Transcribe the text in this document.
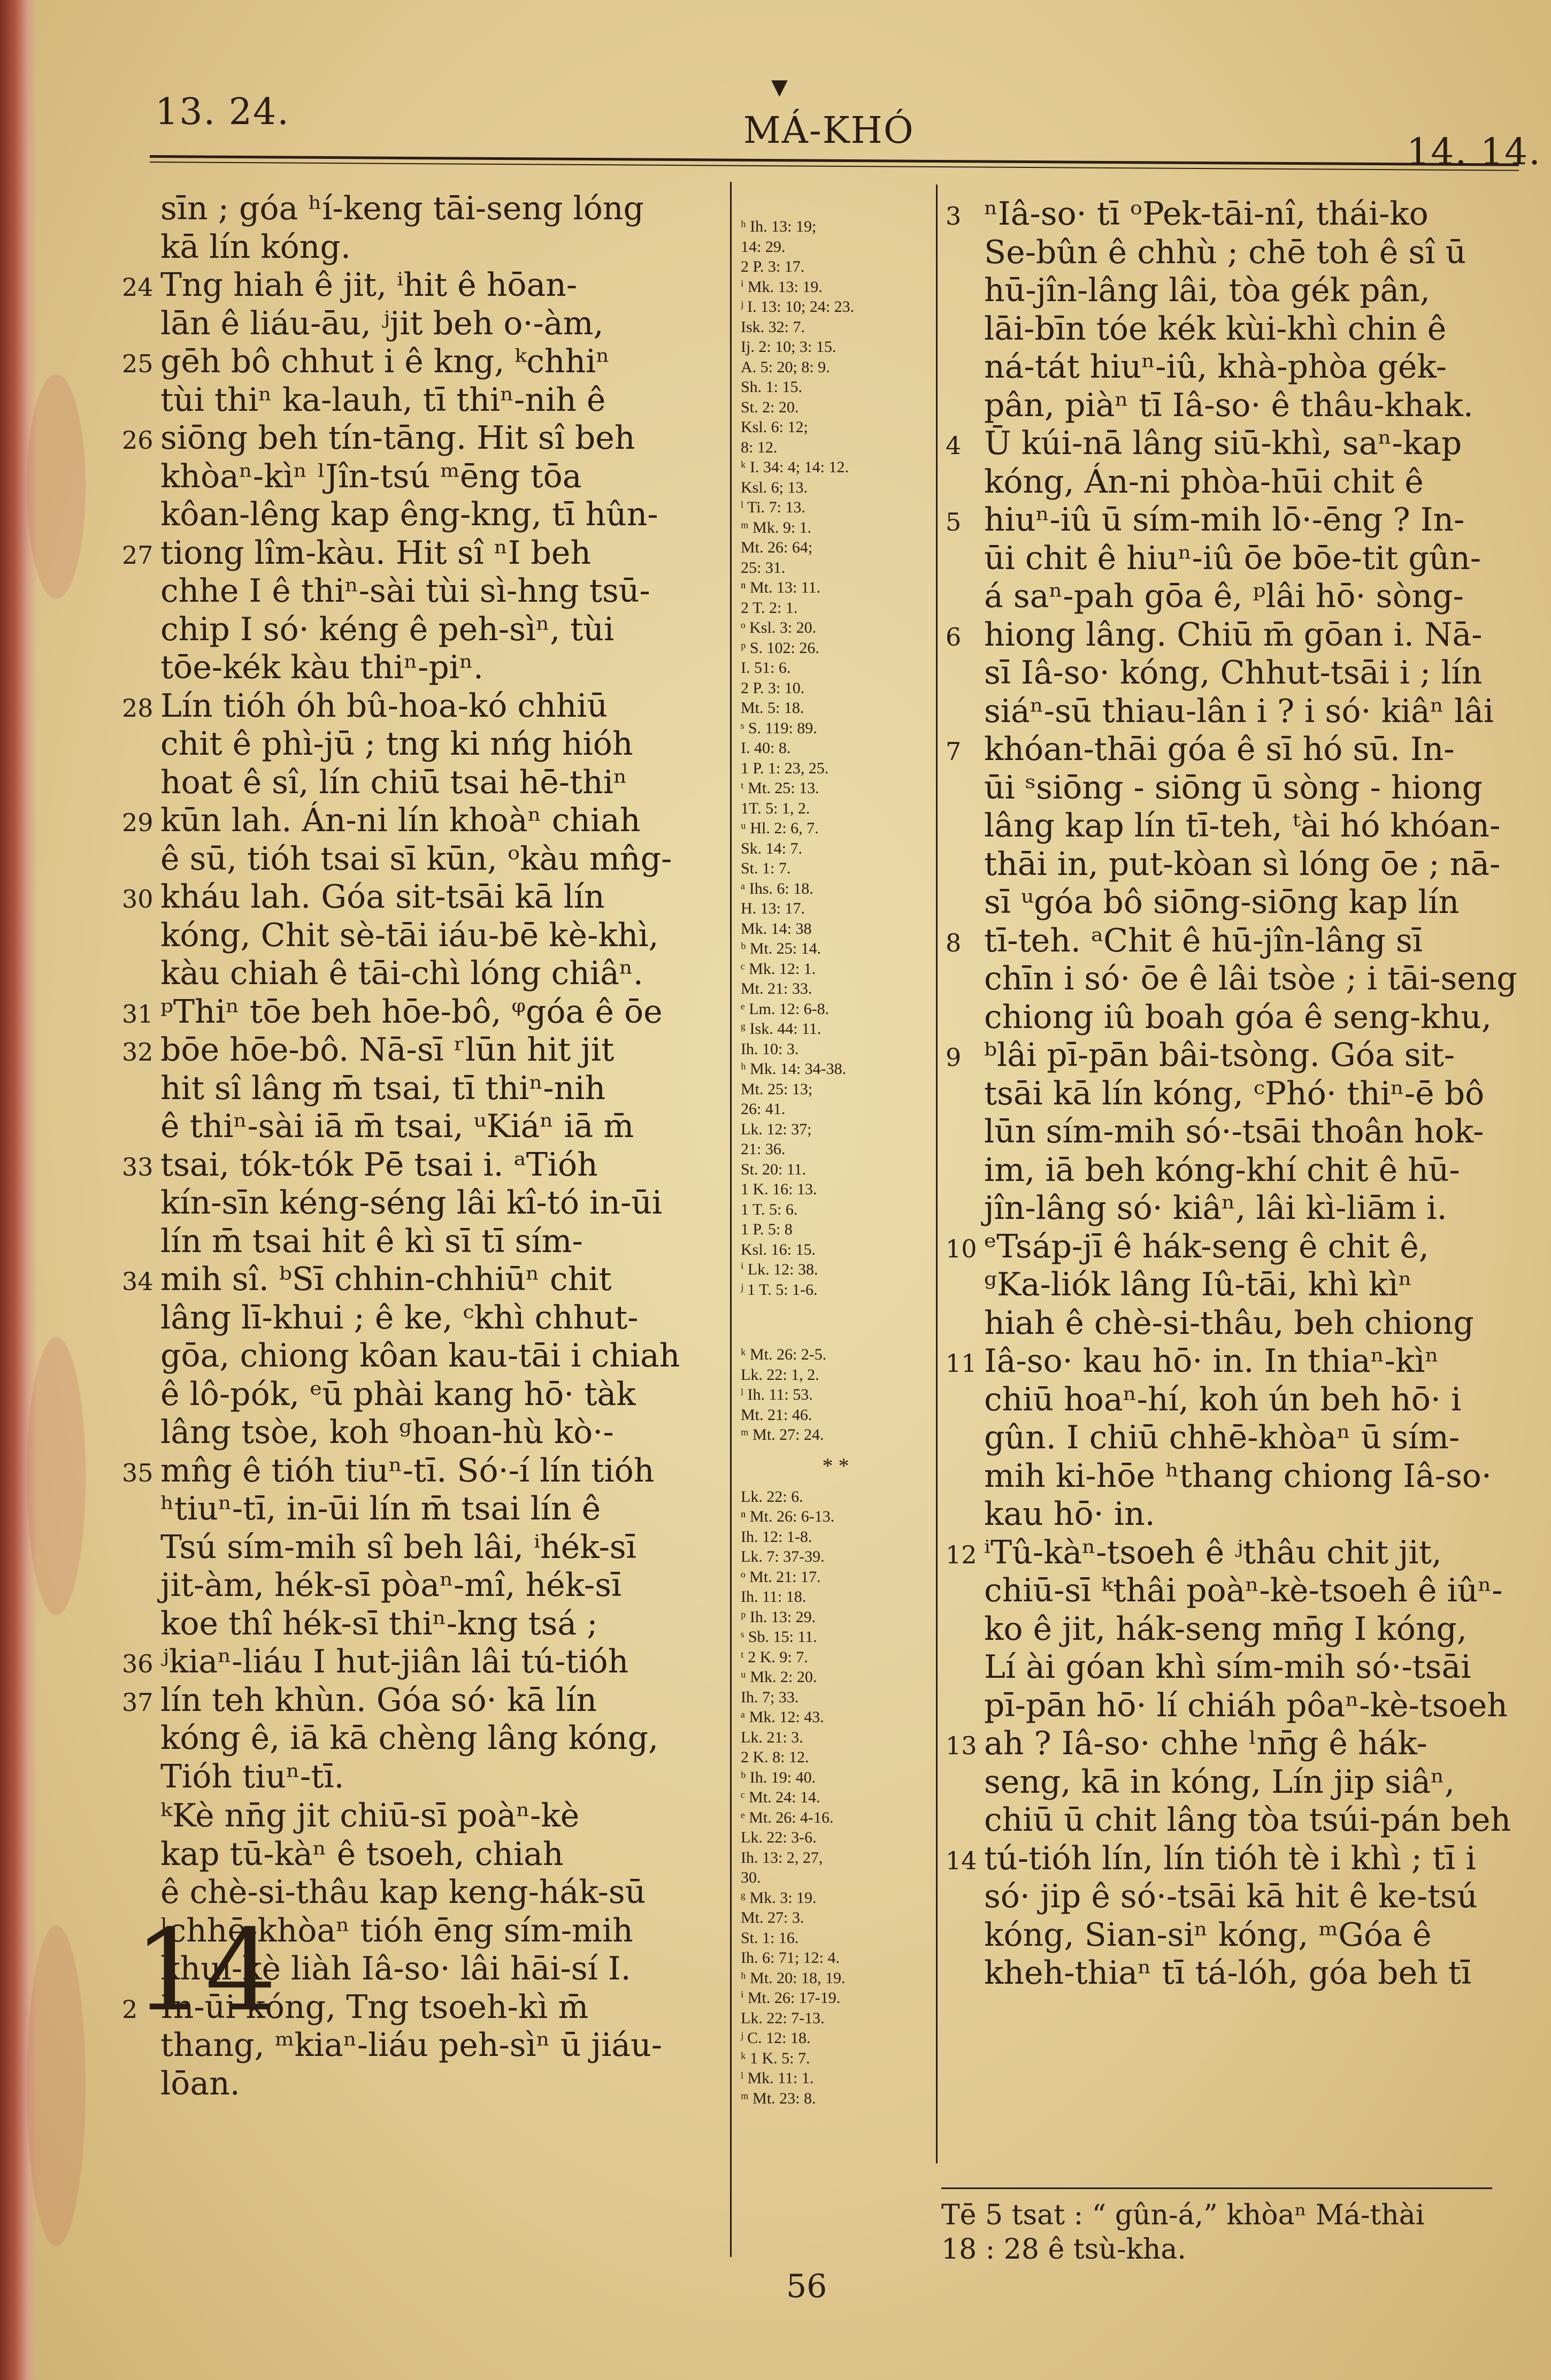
13. 24.
▼
MÁ-KHÓ
14. 14.
sīn ; góa ʰí-keng tāi-seng lóng
kā lín kóng.
24 Tng hiah ê jit, ⁱhit ê hōan-
lān ê liáu-āu, ʲjit beh o·-àm,
25 gēh bô chhut i ê kng, ᵏchhiⁿ
tùi thiⁿ ka-lauh, tī thiⁿ-nih ê
26 siōng beh tín-tāng. Hit sî beh
khòaⁿ-kìⁿ ˡJîn-tsú ᵐēng tōa
kôan-lêng kap êng-kng, tī hûn-
27 tiong lîm-kàu. Hit sî ⁿI beh
chhe I ê thiⁿ-sài tùi sì-hng tsū-
chip I só· kéng ê peh-sìⁿ, tùi
tōe-kék kàu thiⁿ-piⁿ.
28 Lín tióh óh bû-hoa-kó chhiū
chit ê phì-jū ; tng ki nńg hióh
hoat ê sî, lín chiū tsai hē-thiⁿ
29 kūn lah. Án-ni lín khoàⁿ chiah
ê sū, tióh tsai sī kūn, ᵒkàu mn̂g-
30 kháu lah. Góa sit-tsāi kā lín
kóng, Chit sè-tāi iáu-bē kè-khì,
kàu chiah ê tāi-chì lóng chiâⁿ.
31 ᵖThiⁿ tōe beh hōe-bô, ᵠgóa ê ōe
32 bōe hōe-bô. Nā-sī ʳlūn hit jit
hit sî lâng m̄ tsai, tī thiⁿ-nih
ê thiⁿ-sài iā m̄ tsai, ᵘKiáⁿ iā m̄
33 tsai, tók-tók Pē tsai i. ᵃTióh
kín-sīn kéng-séng lâi kî-tó in-ūi
lín m̄ tsai hit ê kì sī tī sím-
34 mih sî. ᵇSī chhin-chhiūⁿ chit
lâng lī-khui ; ê ke, ᶜkhì chhut-
gōa, chiong kôan kau-tāi i chiah
ê lô-pók, ᵉū phài kang hō· tàk
lâng tsòe, koh ᵍhoan-hù kò·-
35 mn̂g ê tióh tiuⁿ-tī. Só·-í lín tióh
ʰtiuⁿ-tī, in-ūi lín m̄ tsai lín ê
Tsú sím-mih sî beh lâi, ⁱhék-sī
jit-àm, hék-sī pòaⁿ-mî, hék-sī
koe thî hék-sī thiⁿ-kng tsá ;
36 ʲkiaⁿ-liáu I hut-jiân lâi tú-tióh
37 lín teh khùn. Góa só· kā lín
kóng ê, iā kā chèng lâng kóng,
Tióh tiuⁿ-tī.
14
ᵏKè nn̄g jit chiū-sī poàⁿ-kè
kap tū-kàⁿ ê tsoeh, chiah
ê chè-si-thâu kap keng-hák-sū
ˡchhē-khòaⁿ tióh ēng sím-mih
khui-kè liàh Iâ-so· lâi hāi-sí I.
2 In-ūi kóng, Tng tsoeh-kì m̄
thang, ᵐkiaⁿ-liáu peh-sìⁿ ū jiáu-
lōan.
ʰ Ih. 13: 19;
14: 29.
2 P. 3: 17.
ⁱ Mk. 13: 19.
ʲ I. 13: 10; 24: 23.
Isk. 32: 7.
Ij. 2: 10; 3: 15.
A. 5: 20; 8: 9.
Sh. 1: 15.
St. 2: 20.
Ksl. 6: 12;
8: 12.
ᵏ I. 34: 4; 14: 12.
Ksl. 6; 13.
ˡ Ti. 7: 13.
ᵐ Mk. 9: 1.
Mt. 26: 64;
25: 31.
ⁿ Mt. 13: 11.
2 T. 2: 1.
ᵒ Ksl. 3: 20.
ᵖ S. 102: 26.
I. 51: 6.
2 P. 3: 10.
Mt. 5: 18.
ˢ S. 119: 89.
I. 40: 8.
1 P. 1: 23, 25.
ᵗ Mt. 25: 13.
1T. 5: 1, 2.
ᵘ Hl. 2: 6, 7.
Sk. 14: 7.
St. 1: 7.
ᵃ Ihs. 6: 18.
H. 13: 17.
Mk. 14: 38
ᵇ Mt. 25: 14.
ᶜ Mk. 12: 1.
Mt. 21: 33.
ᵉ Lm. 12: 6-8.
ᵍ Isk. 44: 11.
Ih. 10: 3.
ʰ Mk. 14: 34-38.
Mt. 25: 13;
26: 41.
Lk. 12: 37;
21: 36.
St. 20: 11.
1 K. 16: 13.
1 T. 5: 6.
1 P. 5: 8
Ksl. 16: 15.
ⁱ Lk. 12: 38.
ʲ 1 T. 5: 1-6.
ᵏ Mt. 26: 2-5.
Lk. 22: 1, 2.
ˡ Ih. 11: 53.
Mt. 21: 46.
ᵐ Mt. 27: 24.
* *
Lk. 22: 6.
ⁿ Mt. 26: 6-13.
Ih. 12: 1-8.
Lk. 7: 37-39.
ᵒ Mt. 21: 17.
Ih. 11: 18.
ᵖ Ih. 13: 29.
ˢ Sb. 15: 11.
ᵗ 2 K. 9: 7.
ᵘ Mk. 2: 20.
Ih. 7; 33.
ᵃ Mk. 12: 43.
Lk. 21: 3.
2 K. 8: 12.
ᵇ Ih. 19: 40.
ᶜ Mt. 24: 14.
ᵉ Mt. 26: 4-16.
Lk. 22: 3-6.
Ih. 13: 2, 27,
30.
ᵍ Mk. 3: 19.
Mt. 27: 3.
St. 1: 16.
Ih. 6: 71; 12: 4.
ʰ Mt. 20: 18, 19.
ⁱ Mt. 26: 17-19.
Lk. 22: 7-13.
ʲ C. 12: 18.
ᵏ 1 K. 5: 7.
ˡ Mk. 11: 1.
ᵐ Mt. 23: 8.
3 ⁿIâ-so· tī ᵒPek-tāi-nî, thái-ko
Se-bûn ê chhù ; chē toh ê sî ū
hū-jîn-lâng lâi, tòa gék pân,
lāi-bīn tóe kék kùi-khì chin ê
ná-tát hiuⁿ-iû, khà-phòa gék-
pân, piàⁿ tī Iâ-so· ê thâu-khak.
4 Ū kúi-nā lâng siū-khì, saⁿ-kap
kóng, Án-ni phòa-hūi chit ê
5 hiuⁿ-iû ū sím-mih lō·-ēng ? In-
ūi chit ê hiuⁿ-iû ōe bōe-tit gûn-
á saⁿ-pah gōa ê, ᵖlâi hō· sòng-
6 hiong lâng. Chiū m̄ gōan i. Nā-
sī Iâ-so· kóng, Chhut-tsāi i ; lín
siáⁿ-sū thiau-lân i ? i só· kiâⁿ lâi
7 khóan-thāi góa ê sī hó sū. In-
ūi ˢsiōng - siōng ū sòng - hiong
lâng kap lín tī-teh, ᵗài hó khóan-
thāi in, put-kòan sì lóng ōe ; nā-
sī ᵘgóa bô siōng-siōng kap lín
8 tī-teh. ᵃChit ê hū-jîn-lâng sī
chīn i só· ōe ê lâi tsòe ; i tāi-seng
chiong iû boah góa ê seng-khu,
9 ᵇlâi pī-pān bâi-tsòng. Góa sit-
tsāi kā lín kóng, ᶜPhó· thiⁿ-ē bô
lūn sím-mih só·-tsāi thoân hok-
im, iā beh kóng-khí chit ê hū-
jîn-lâng só· kiâⁿ, lâi kì-liām i.
10 ᵉTsáp-jī ê hák-seng ê chit ê,
ᵍKa-liók lâng Iû-tāi, khì kìⁿ
hiah ê chè-si-thâu, beh chiong
11 Iâ-so· kau hō· in. In thiaⁿ-kìⁿ
chiū hoaⁿ-hí, koh ún beh hō· i
gûn. I chiū chhē-khòaⁿ ū sím-
mih ki-hōe ʰthang chiong Iâ-so·
kau hō· in.
12 ⁱTû-kàⁿ-tsoeh ê ʲthâu chit jit,
chiū-sī ᵏthâi poàⁿ-kè-tsoeh ê iûⁿ-
ko ê jit, hák-seng mn̄g I kóng,
Lí ài góan khì sím-mih só·-tsāi
pī-pān hō· lí chiáh pôaⁿ-kè-tsoeh
13 ah ? Iâ-so· chhe ˡnn̄g ê hák-
seng, kā in kóng, Lín jip siâⁿ,
chiū ū chit lâng tòa tsúi-pán beh
14 tú-tióh lín, lín tióh tè i khì ; tī i
só· jip ê só·-tsāi kā hit ê ke-tsú
kóng, Sian-siⁿ kóng, ᵐGóa ê
kheh-thiaⁿ tī tá-lóh, góa beh tī
Tē 5 tsat : “ gûn-á,” khòaⁿ Má-thài
18 : 28 ê tsù-kha.
56
